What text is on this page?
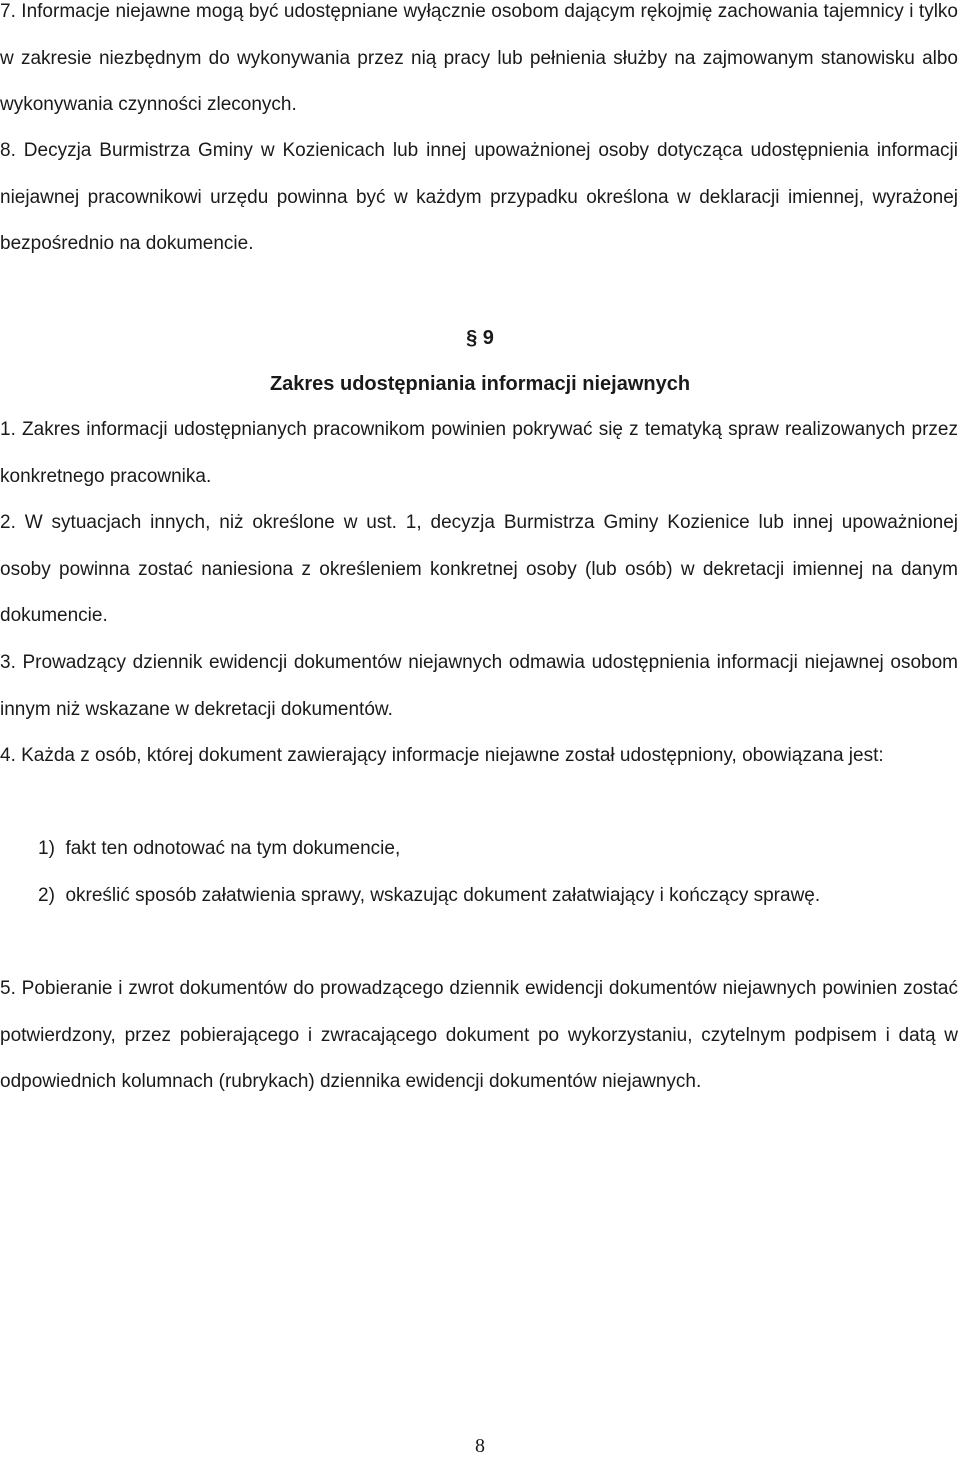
7. Informacje niejawne mogą być udostępniane wyłącznie osobom dającym rękojmię zachowania tajemnicy i tylko w zakresie niezbędnym do wykonywania przez nią pracy lub pełnienia służby na zajmowanym stanowisku albo wykonywania czynności zleconych.

8. Decyzja Burmistrza Gminy w Kozienicach lub innej upoważnionej osoby dotycząca udostępnienia informacji niejawnej pracownikowi urzędu powinna być w każdym przypadku określona w deklaracji imiennej, wyrażonej bezpośrednio na dokumencie.

§ 9
Zakres udostępniania informacji niejawnych

1. Zakres informacji udostępnianych pracownikom powinien pokrywać się z tematyką spraw realizowanych przez konkretnego pracownika.

2. W sytuacjach innych, niż określone w ust. 1, decyzja Burmistrza Gminy Kozienice lub innej upoważnionej osoby powinna zostać naniesiona z określeniem konkretnej osoby (lub osób) w dekretacji imiennej na danym dokumencie.

3. Prowadzący dziennik ewidencji dokumentów niejawnych odmawia udostępnienia informacji niejawnej osobom innym niż wskazane w dekretacji dokumentów.

4. Każda z osób, której dokument zawierający informacje niejawne został udostępniony, obowiązana jest:

1)  fakt ten odnotować na tym dokumencie,

2)  określić sposób załatwienia sprawy, wskazując dokument załatwiający i kończący sprawę.

5. Pobieranie i zwrot dokumentów do prowadzącego dziennik ewidencji dokumentów niejawnych powinien zostać potwierdzony, przez pobierającego i zwracającego dokument po wykorzystaniu, czytelnym podpisem i datą w odpowiednich kolumnach (rubrykach) dziennika ewidencji dokumentów niejawnych.

8
